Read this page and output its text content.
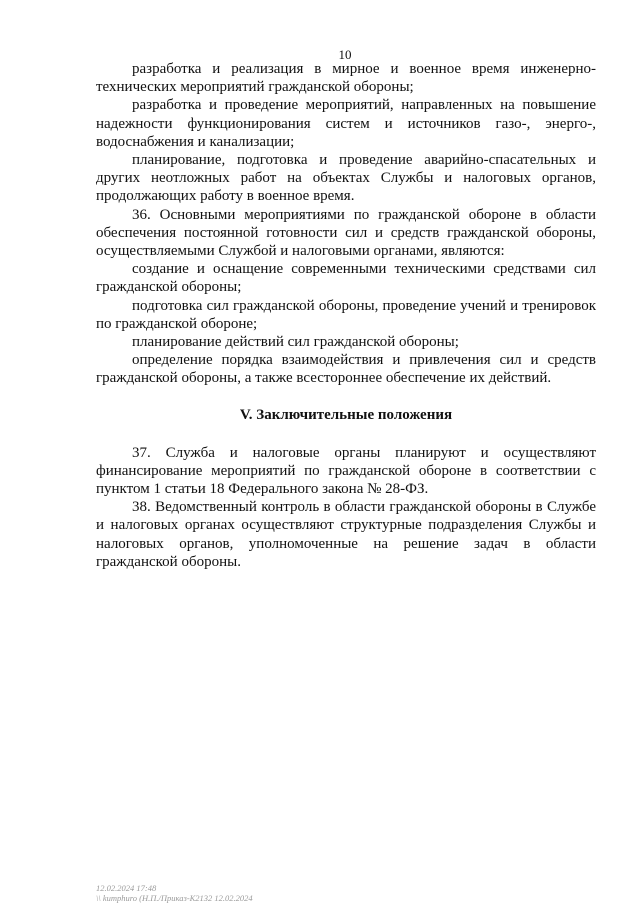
10

разработка и реализация в мирное и военное время инженерно-технических мероприятий гражданской обороны;

разработка и проведение мероприятий, направленных на повышение надежности функционирования систем и источников газо-, энерго-, водоснабжения и канализации;

планирование, подготовка и проведение аварийно-спасательных и других неотложных работ на объектах Службы и налоговых органов, продолжающих работу в военное время.

36. Основными мероприятиями по гражданской обороне в области обеспечения постоянной готовности сил и средств гражданской обороны, осуществляемыми Службой и налоговыми органами, являются:

создание и оснащение современными техническими средствами сил гражданской обороны;

подготовка сил гражданской обороны, проведение учений и тренировок по гражданской обороне;

планирование действий сил гражданской обороны;

определение порядка взаимодействия и привлечения сил и средств гражданской обороны, а также всестороннее обеспечение их действий.

V. Заключительные положения

37. Служба и налоговые органы планируют и осуществляют финансирование мероприятий по гражданской обороне в соответствии с пунктом 1 статьи 18 Федерального закона № 28-ФЗ.

38. Ведомственный контроль в области гражданской обороны в Службе и налоговых органах осуществляют структурные подразделения Службы и налоговых органов, уполномоченные на решение задач в области гражданской обороны.

12.02.2024 17:48
\\ kumphuro (Н.П./Приказ-К2132 12.02.2024
